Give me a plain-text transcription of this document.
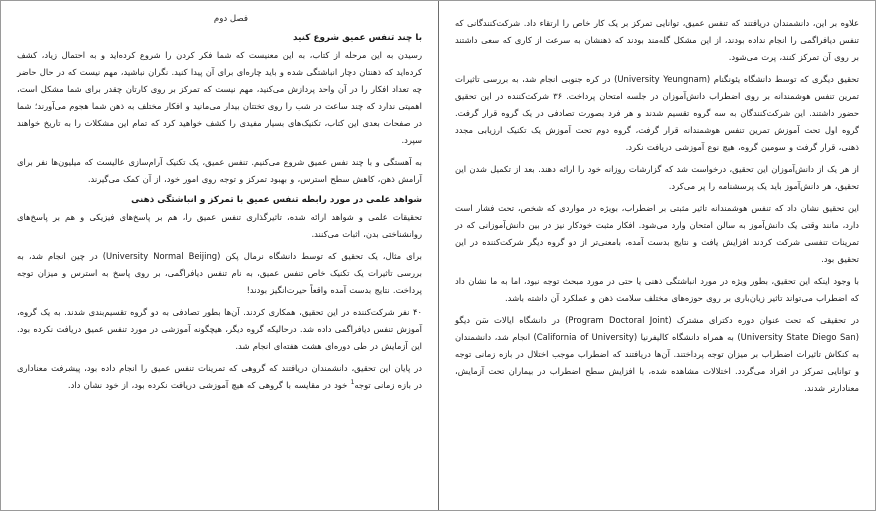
فصل دوم
با چند تنفس عمیق شروع کنید

رسیدن به این مرحله از کتاب، به این معنیست که شما فکر کردن را شروع کرده‌اید و به احتمال زیاد، کشف کرده‌اید که ذهنتان دچار انباشتگی شده و باید چاره‌ای برای آن پیدا کنید. نگران نباشید، مهم نیست که در حال حاضر چه تعداد افکار را در آن واحد پردازش می‌کنید، مهم نیست که تمرکز بر روی کارتان چقدر برای شما مشکل است، اهمیتی ندارد که چند ساعت در شب را روی تختتان بیدار می‌مانید و افکار مختلف به ذهن شما هجوم می‌آورند؛ شما در صفحات بعدی این کتاب، تکنیک‌های بسیار مفیدی را کشف خواهید کرد که تمام این مشکلات را به تاریخ خواهند سپرد.

به آهستگی و با چند نفس عمیق شروع می‌کنیم. تنفس عمیق، یک تکنیک آرام‌سازی عالیست که میلیون‌ها نفر برای آرامش ذهن، کاهش سطح استرس، و بهبود تمرکز و توجه روی امور خود، از آن کمک می‌گیرند.

شواهد علمی در مورد رابطه تنفس عمیق با تمرکز و انباشتگی ذهنی

تحقیقات علمی و شواهد ارائه شده، تاثیرگذاری تنفس عمیق را، هم بر پاسخ‌های فیزیکی و هم بر پاسخ‌های روانشناختی بدن، اثبات می‌کنند.

برای مثال، یک تحقیق که توسط دانشگاه نرمال پکن (University Normal Beijing) در چین انجام شد، به بررسی تاثیرات یک تکنیک خاص تنفس عمیق، به نام تنفس دیافراگمی، بر روی پاسخ به استرس و میزان توجه پرداخت. نتایج بدست آمده واقعاً حیرت‌انگیز بودند!

۴۰ نفر شرکت‌کننده در این تحقیق، همکاری کردند. آن‌ها بطور تصادفی به دو گروه تقسیم‌بندی شدند. به یک گروه، آموزش تنفس دیافراگمی داده شد. درحالیکه گروه دیگر، هیچگونه آموزشی در مورد تنفس عمیق دریافت نکرده بود. این آزمایش در طی دوره‌ای هشت هفته‌ای انجام شد.

در پایان این تحقیق، دانشمندان دریافتند که گروهی که تمرینات تنفس عمیق را انجام داده بود، پیشرفت معناداری در بازه زمانی توجه$^1$ خود در مقایسه با گروهی که هیچ آموزشی دریافت نکرده بود، از خود نشان داد.

علاوه بر این، دانشمندان دریافتند که تنفس عمیق، توانایی تمرکز بر یک کار خاص را ارتقاء داد. شرکت‌کنندگانی که تنفس دیافراگمی را انجام نداده بودند، از این مشکل گله‌مند بودند که ذهنشان به سرعت از کاری که سعی داشتند بر روی آن تمرکز کنند، پرت می‌شود.

تحقیق دیگری که توسط دانشگاه یئونگنام (University Yeungnam) در کره جنوبی انجام شد، به بررسی تاثیرات تمرین تنفس هوشمندانه بر روی اضطراب دانش‌آموزان در جلسه امتحان پرداخت. ۳۶ شرکت‌کننده در این تحقیق حضور داشتند. این شرکت‌کنندگان به سه گروه تقسیم شدند و هر فرد بصورت تصادفی در یک گروه قرار گرفت. گروه اول تحت آموزش تمرین تنفس هوشمندانه قرار گرفت، گروه دوم تحت آموزش یک تکنیک ارزیابی مجدد ذهنی، قرار گرفت و سومین گروه، هیچ نوع آموزشی دریافت نکرد.

از هر یک از دانش‌آموزان این تحقیق، درخواست شد که گزارشات روزانه خود را ارائه دهند. بعد از تکمیل شدن این تحقیق، هر دانش‌آموز باید یک پرسشنامه را پر می‌کرد.

این تحقیق نشان داد که تنفس هوشمندانه تاثیر مثبتی بر اضطراب، بویژه در مواردی که شخص، تحت فشار است دارد، مانند وقتی یک دانش‌آموز به سالن امتحان وارد می‌شود. افکار مثبت خودکار نیز در بین دانش‌آموزانی که در تمرینات تنفسی شرکت کردند افزایش یافت و نتایج بدست آمده، بامعنی‌تر از دو گروه دیگر شرکت‌کننده در این تحقیق بود.

با وجود اینکه این تحقیق، بطور ویژه در مورد انباشتگی ذهنی یا حتی در مورد مبحث توجه نبود، اما به ما نشان داد که اضطراب می‌تواند تاثیر زیان‌باری بر روی حوزه‌های مختلف سلامت ذهن و عملکرد آن داشته باشد.

در تحقیقی که تحت عنوان دوره دکترای مشترک (Program Doctoral Joint) در دانشگاه ایالات سَن دیگو (University State Diego San) به همراه دانشگاه کالیفرنیا (California of University) انجام شد، دانشمندان به کنکاش تاثیرات اضطراب بر میزان توجه پرداختند. آن‌ها دریافتند که اضطراب موجب اختلال در بازه زمانی توجه و توانایی تمرکز در افراد می‌گردد. اختلالات مشاهده شده، با افزایش سطح اضطراب در بیماران تحت آزمایش، معنادارتر شدند.
